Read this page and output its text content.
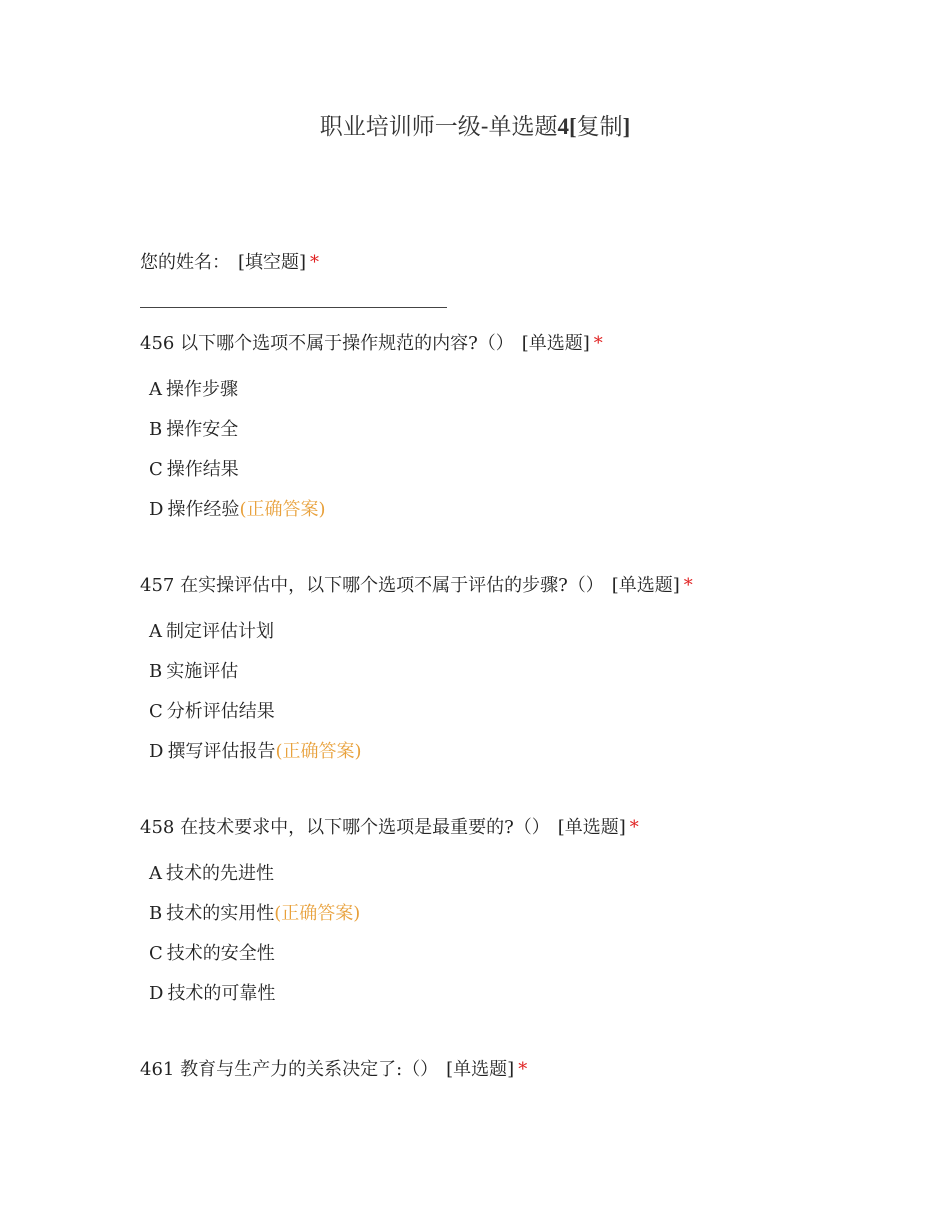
职业培训师一级-单选题4[复制]
您的姓名： [填空题] *
456 以下哪个选项不属于操作规范的内容?（） [单选题] *
A 操作步骤
B 操作安全
C 操作结果
D 操作经验(正确答案)
457 在实操评估中，以下哪个选项不属于评估的步骤?（） [单选题] *
A 制定评估计划
B 实施评估
C 分析评估结果
D 撰写评估报告(正确答案)
458 在技术要求中，以下哪个选项是最重要的?（） [单选题] *
A 技术的先进性
B 技术的实用性(正确答案)
C 技术的安全性
D 技术的可靠性
461 教育与生产力的关系决定了:（） [单选题] *
